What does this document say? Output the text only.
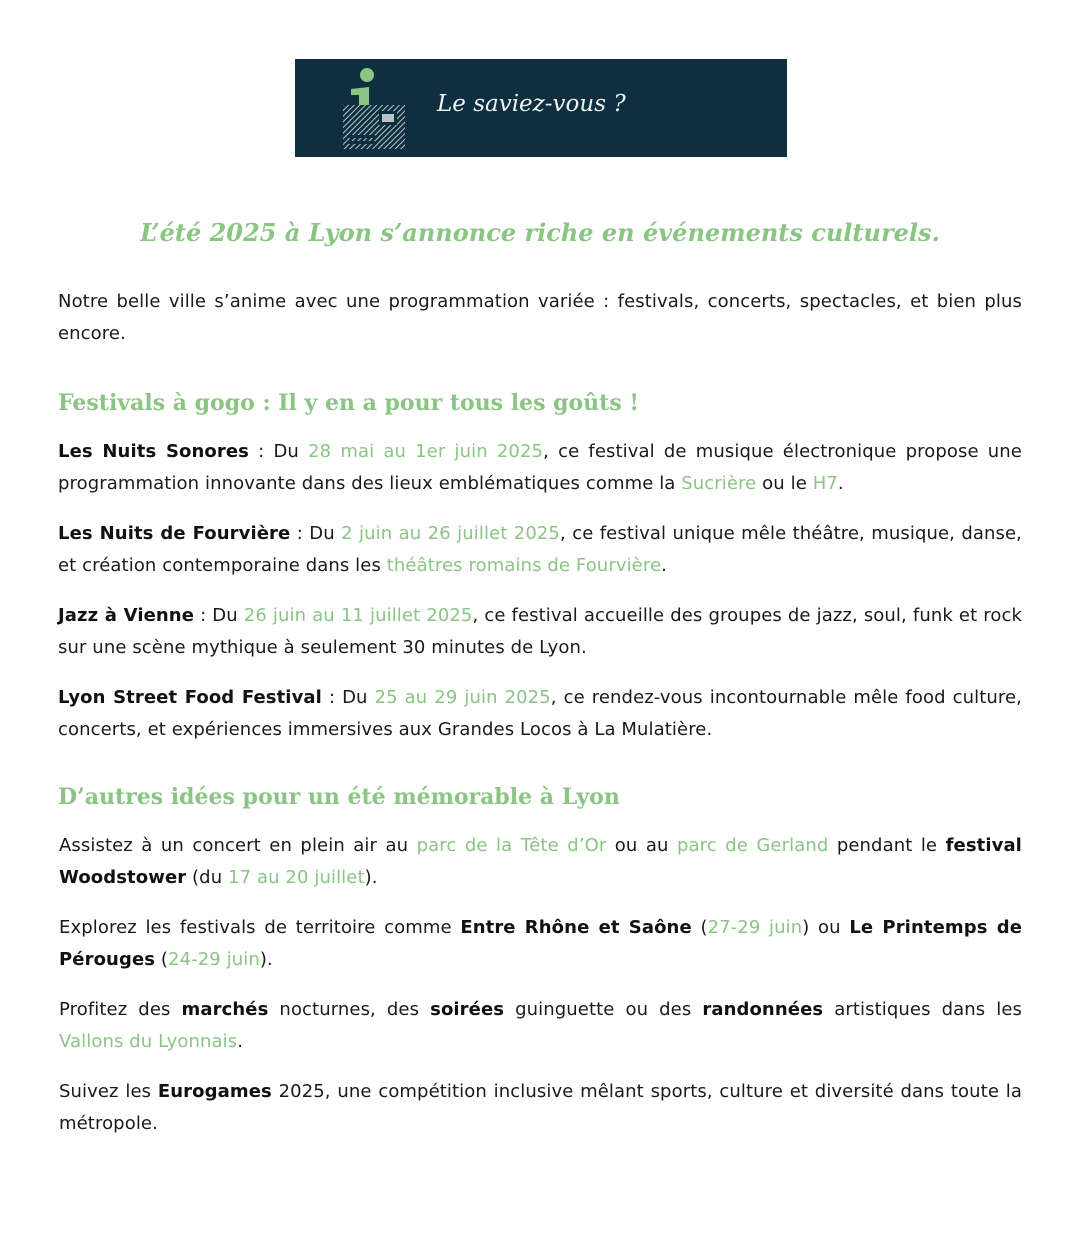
Le saviez-vous ?
L’été 2025 à Lyon s’annonce riche en événements culturels.

Notre belle ville s’anime avec une programmation variée : festivals, concerts, spectacles, et bien plus encore.

Festivals à gogo : Il y en a pour tous les goûts !

Les Nuits Sonores : Du 28 mai au 1er juin 2025, ce festival de musique électronique propose une programmation innovante dans des lieux emblématiques comme la Sucrière ou le H7.

Les Nuits de Fourvière : Du 2 juin au 26 juillet 2025, ce festival unique mêle théâtre, musique, danse, et création contemporaine dans les théâtres romains de Fourvière.

Jazz à Vienne : Du 26 juin au 11 juillet 2025, ce festival accueille des groupes de jazz, soul, funk et rock sur une scène mythique à seulement 30 minutes de Lyon.

Lyon Street Food Festival : Du 25 au 29 juin 2025, ce rendez-vous incontournable mêle food culture, concerts, et expériences immersives aux Grandes Locos à La Mulatière.

D’autres idées pour un été mémorable à Lyon

Assistez à un concert en plein air au parc de la Tête d’Or ou au parc de Gerland pendant le festival Woodstower (du 17 au 20 juillet).

Explorez les festivals de territoire comme Entre Rhône et Saône (27-29 juin) ou Le Printemps de Pérouges (24-29 juin).

Profitez des marchés nocturnes, des soirées guinguette ou des randonnées artistiques dans les Vallons du Lyonnais.

Suivez les Eurogames 2025, une compétition inclusive mêlant sports, culture et diversité dans toute la métropole.
